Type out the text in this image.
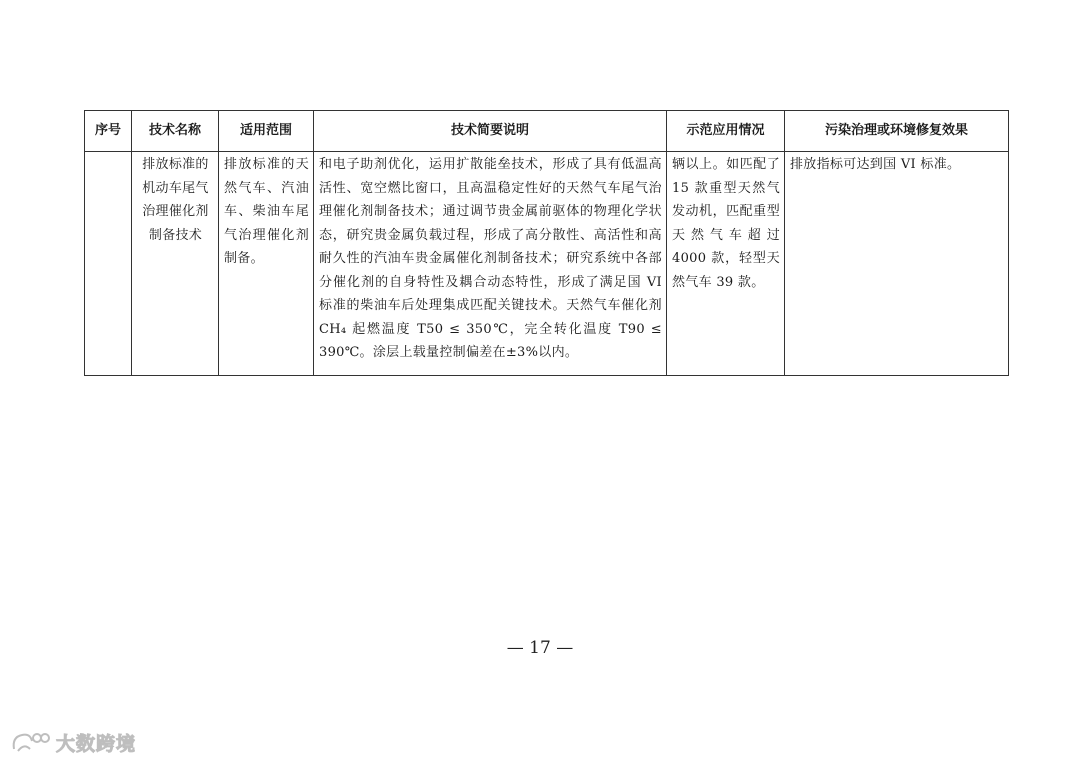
序号	技术名称	适用范围	技术简要说明	示范应用情况	污染治理或环境修复效果
	排放标准的机动车尾气治理催化剂制备技术	排放标准的天然气车、汽油车、柴油车尾气治理催化剂制备。	和电子助剂优化，运用扩散能垒技术，形成了具有低温高活性、宽空燃比窗口，且高温稳定性好的天然气车尾气治理催化剂制备技术；通过调节贵金属前驱体的物理化学状态，研究贵金属负载过程，形成了高分散性、高活性和高耐久性的汽油车贵金属催化剂制备技术；研究系统中各部分催化剂的自身特性及耦合动态特性，形成了满足国 VI 标准的柴油车后处理集成匹配关键技术。天然气车催化剂 CH₄ 起燃温度 T50 ≤ 350℃，完全转化温度 T90 ≤ 390℃。涂层上载量控制偏差在±3%以内。	辆以上。如匹配了 15 款重型天然气发动机，匹配重型天然气车超过 4000 款，轻型天然气车 39 款。	排放指标可达到国 VI 标准。
— 17 —
大数跨境
